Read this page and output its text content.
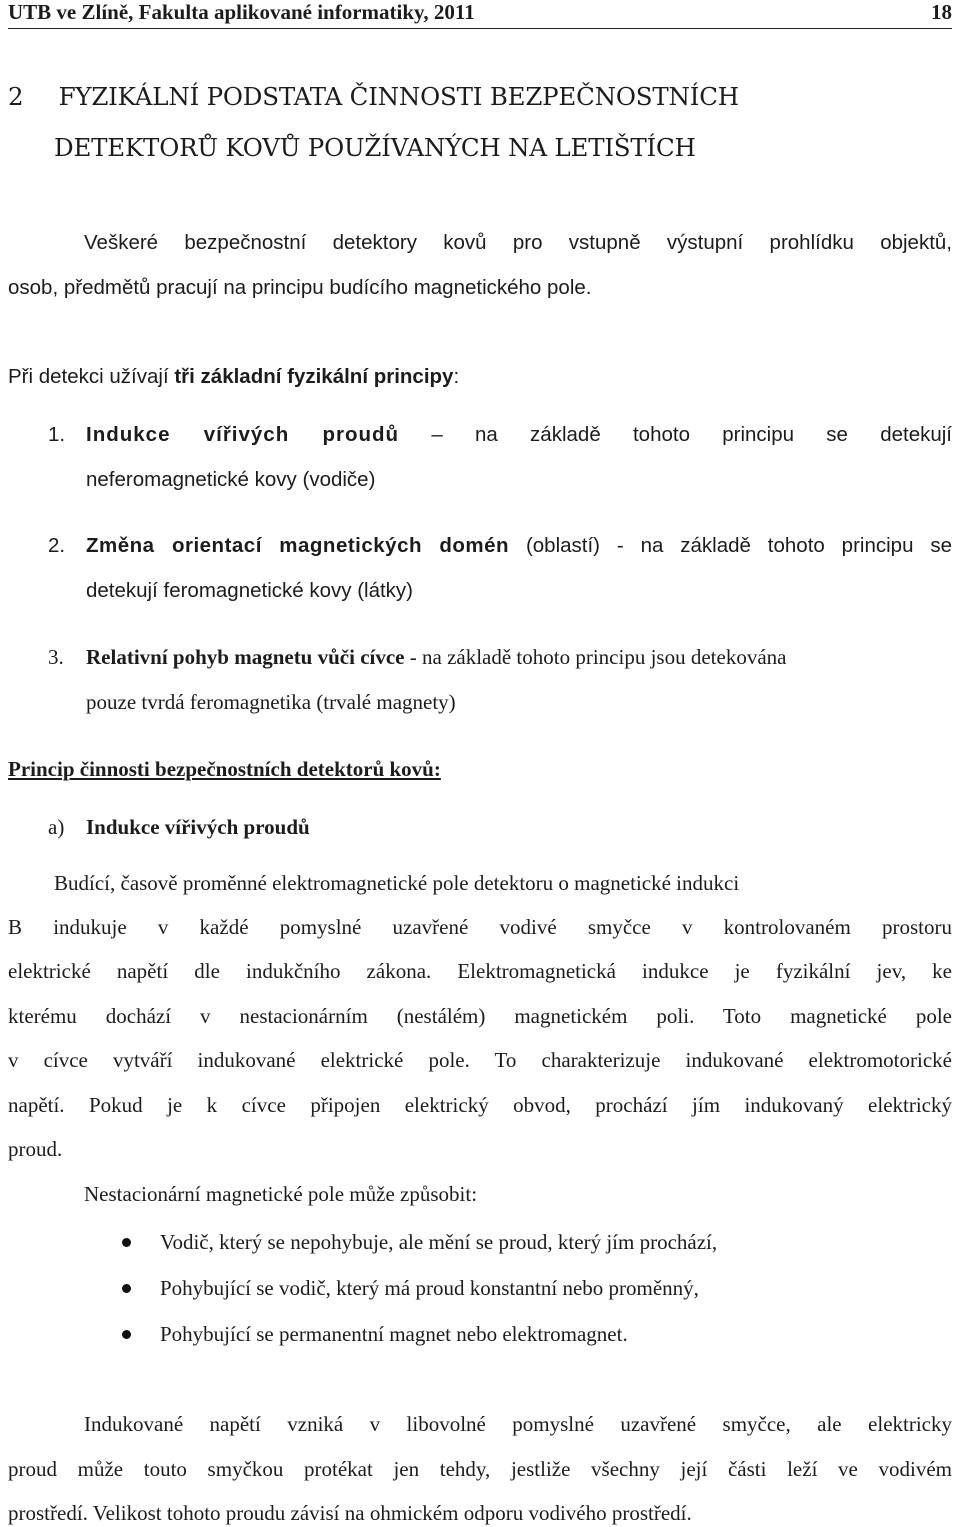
UTB ve Zlíně, Fakulta aplikované informatiky, 2011	18
2 FYZIKÁLNÍ PODSTATA ČINNOSTI BEZPEČNOSTNÍCH
DETEKTORŮ KOVŮ POUŽÍVANÝCH NA LETIŠTÍCH
Veškeré bezpečnostní detektory kovů pro vstupně výstupní prohlídku objektů,
osob, předmětů pracují na principu budícího magnetického pole.
Při detekci užívají tři základní fyzikální principy:
1. Indukce vířivých proudů – na základě tohoto principu se detekují
neferomagnetické kovy (vodiče)
2. Změna orientací magnetických domén (oblastí) - na základě tohoto principu se
detekují feromagnetické kovy (látky)
3. Relativní pohyb magnetu vůči cívce - na základě tohoto principu jsou detekována
pouze tvrdá feromagnetika (trvalé magnety)
Princip činnosti bezpečnostních detektorů kovů:
a) Indukce vířivých proudů
Budící, časově proměnné elektromagnetické pole detektoru o magnetické indukci
B indukuje v každé pomyslné uzavřené vodivé smyčce v kontrolovaném prostoru
elektrické napětí dle indukčního zákona. Elektromagnetická indukce je fyzikální jev, ke
kterému dochází v nestacionárním (nestálém) magnetickém poli. Toto magnetické pole
v cívce vytváří indukované elektrické pole. To charakterizuje indukované elektromotorické
napětí. Pokud je k cívce připojen elektrický obvod, prochází jím indukovaný elektrický
proud.
Nestacionární magnetické pole může způsobit:
Vodič, který se nepohybuje, ale mění se proud, který jím prochází,
Pohybující se vodič, který má proud konstantní nebo proměnný,
Pohybující se permanentní magnet nebo elektromagnet.
Indukované napětí vzniká v libovolné pomyslné uzavřené smyčce, ale elektricky
proud může touto smyčkou protékat jen tehdy, jestliže všechny její části leží ve vodivém
prostředí. Velikost tohoto proudu závisí na ohmickém odporu vodivého prostředí.
